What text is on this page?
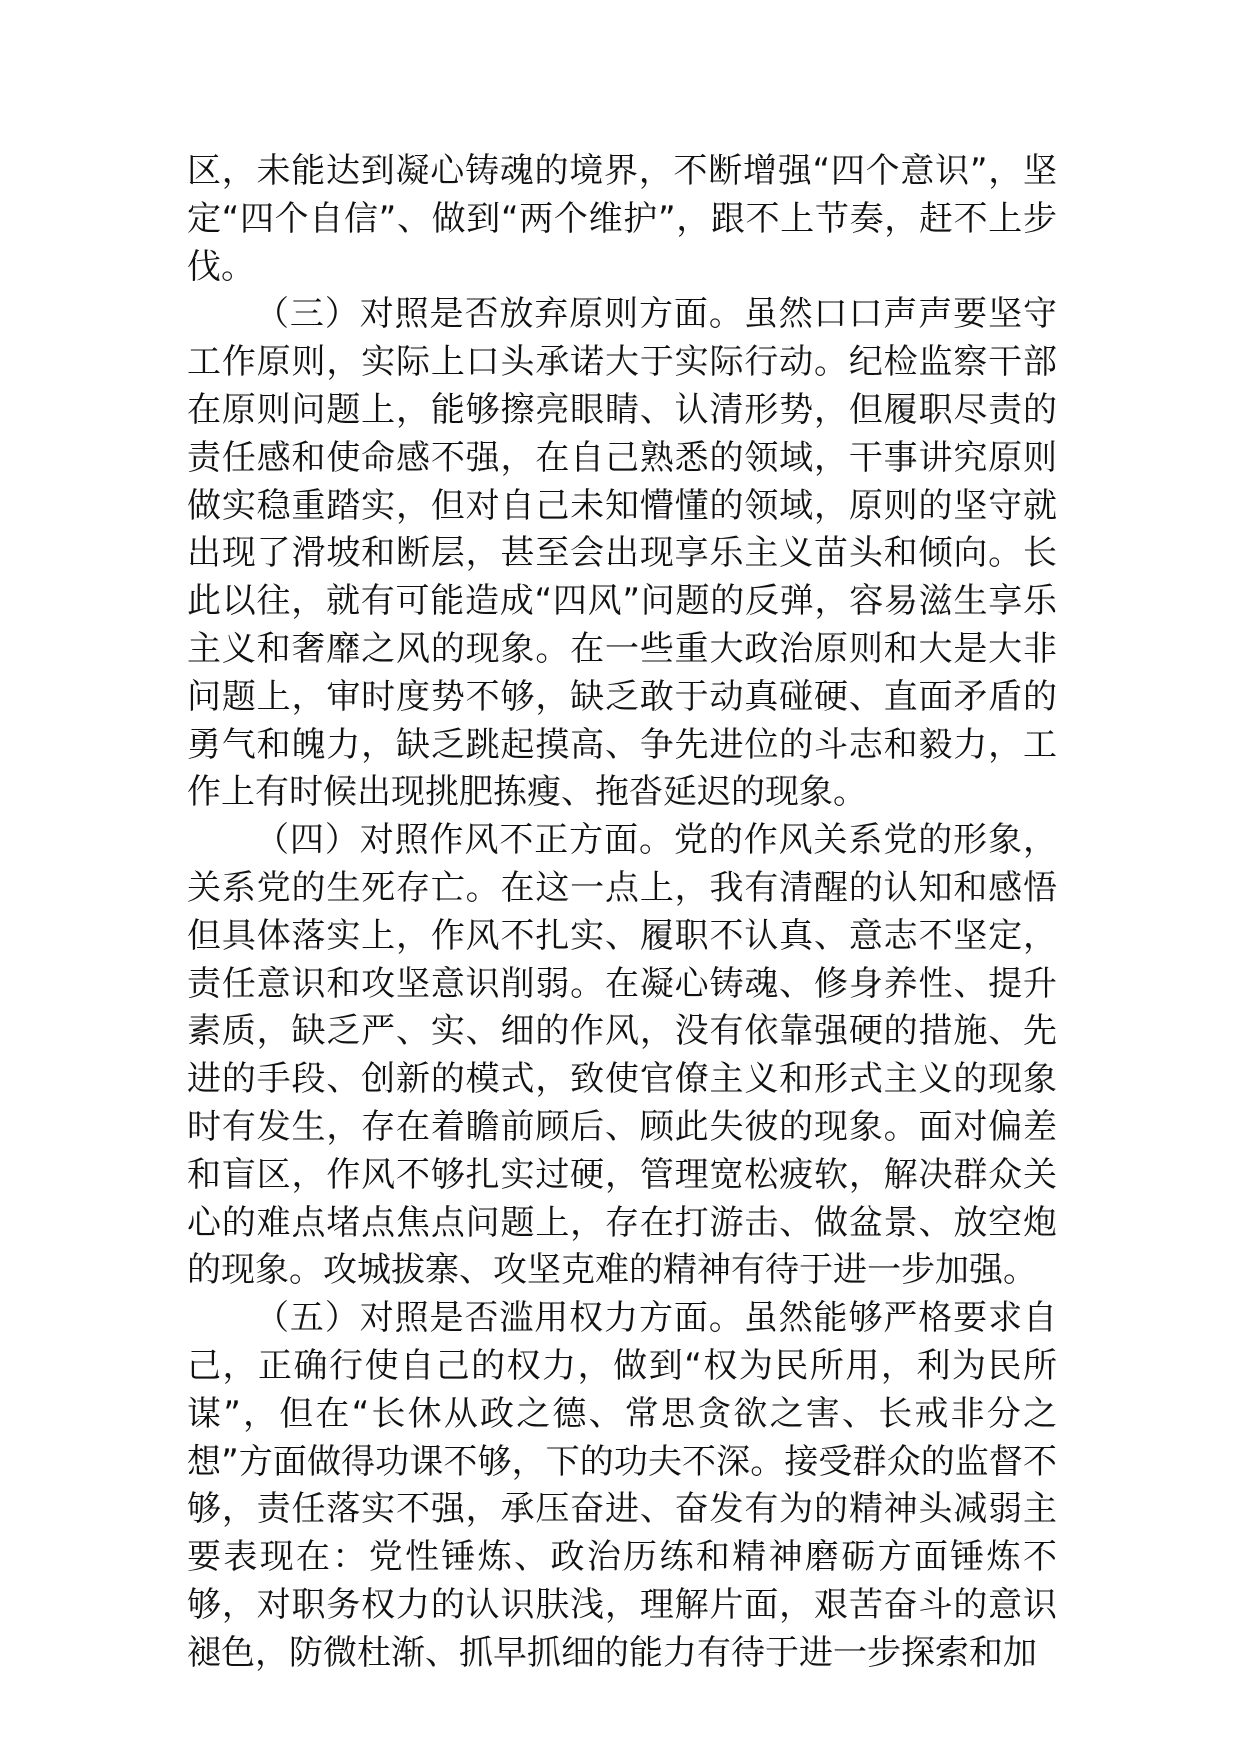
区，未能达到凝心铸魂的境界，不断增强“四个意识”，坚定“四个自信”、做到“两个维护”，跟不上节奏，赶不上步伐。

（三）对照是否放弃原则方面。虽然口口声声要坚守工作原则，实际上口头承诺大于实际行动。纪检监察干部在原则问题上，能够擦亮眼睛、认清形势，但履职尽责的责任感和使命感不强，在自己熟悉的领域，干事讲究原则做实稳重踏实，但对自己未知懵懂的领域，原则的坚守就出现了滑坡和断层，甚至会出现享乐主义苗头和倾向。长此以往，就有可能造成“四风”问题的反弹，容易滋生享乐主义和奢靡之风的现象。在一些重大政治原则和大是大非问题上，审时度势不够，缺乏敢于动真碰硬、直面矛盾的勇气和魄力，缺乏跳起摸高、争先进位的斗志和毅力，工作上有时候出现挑肥拣瘦、拖沓延迟的现象。

（四）对照作风不正方面。党的作风关系党的形象，关系党的生死存亡。在这一点上，我有清醒的认知和感悟但具体落实上，作风不扎实、履职不认真、意志不坚定，责任意识和攻坚意识削弱。在凝心铸魂、修身养性、提升素质，缺乏严、实、细的作风，没有依靠强硬的措施、先进的手段、创新的模式，致使官僚主义和形式主义的现象时有发生，存在着瞻前顾后、顾此失彼的现象。面对偏差和盲区，作风不够扎实过硬，管理宽松疲软，解决群众关心的难点堵点焦点问题上，存在打游击、做盆景、放空炮的现象。攻城拔寨、攻坚克难的精神有待于进一步加强。

（五）对照是否滥用权力方面。虽然能够严格要求自己，正确行使自己的权力，做到“权为民所用，利为民所谋”，但在“长休从政之德、常思贪欲之害、长戒非分之想”方面做得功课不够，下的功夫不深。接受群众的监督不够，责任落实不强，承压奋进、奋发有为的精神头减弱主要表现在：党性锤炼、政治历练和精神磨砺方面锤炼不够，对职务权力的认识肤浅，理解片面，艰苦奋斗的意识褪色，防微杜渐、抓早抓细的能力有待于进一步探索和加
